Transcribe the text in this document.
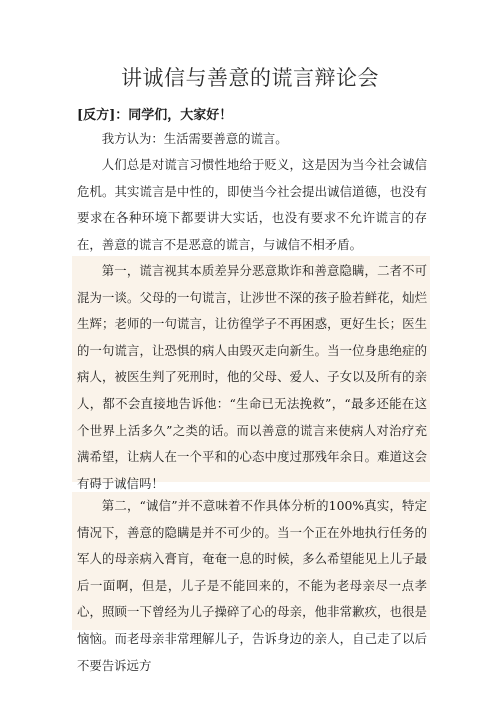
讲诚信与善意的谎言辩论会
[反方]：同学们，大家好！

我方认为：生活需要善意的谎言。

人们总是对谎言习惯性地给于贬义，这是因为当今社会诚信危机。其实谎言是中性的，即使当今社会提出诚信道德，也没有要求在各种环境下都要讲大实话，也没有要求不允许谎言的存在，善意的谎言不是恶意的谎言，与诚信不相矛盾。

第一，谎言视其本质差异分恶意欺诈和善意隐瞒，二者不可混为一谈。父母的一句谎言，让涉世不深的孩子脸若鲜花，灿烂生辉；老师的一句谎言，让彷徨学子不再困惑，更好生长；医生的一句谎言，让恐惧的病人由毁灭走向新生。当一位身患绝症的病人，被医生判了死刑时，他的父母、爱人、子女以及所有的亲人，都不会直接地告诉他：“生命已无法挽救”，“最多还能在这个世界上活多久”之类的话。而以善意的谎言来使病人对治疗充满希望，让病人在一个平和的心态中度过那残年余日。难道这会有碍于诚信吗！

第二，“诚信”并不意味着不作具体分析的100%真实，特定情况下，善意的隐瞒是并不可少的。当一个正在外地执行任务的军人的母亲病入膏肓，奄奄一息的时候，多么希望能见上儿子最后一面啊，但是，儿子是不能回来的，不能为老母亲尽一点孝心，照顾一下曾经为儿子操碎了心的母亲，他非常歉疚，也很是恼恼。而老母亲非常理解儿子，告诉身边的亲人，自己走了以后不要告诉远方
